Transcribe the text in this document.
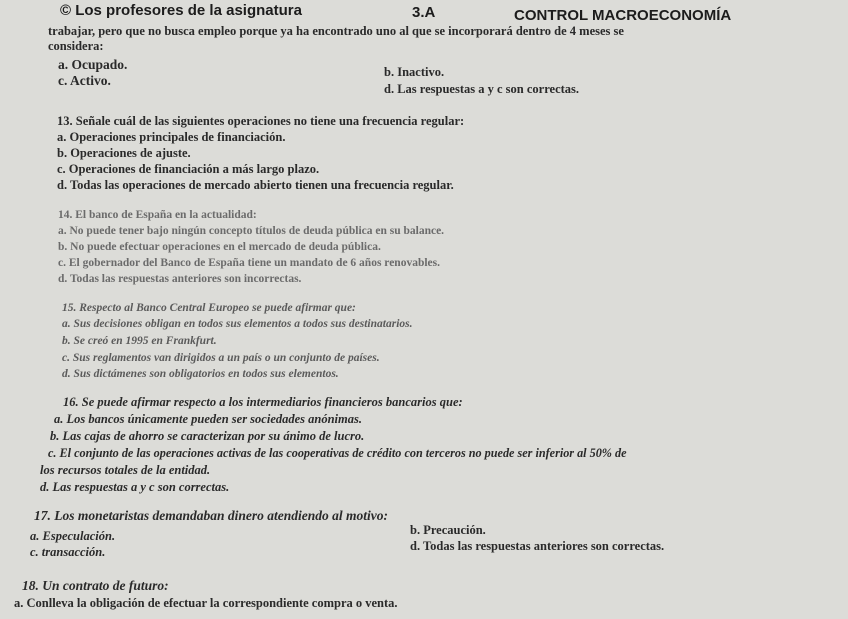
© Los profesores de la asignatura	3.A	CONTROL MACROECONOMÍA
trabajar, pero que no busca empleo porque ya ha encontrado uno al que se incorporará dentro de 4 meses se
considera:
a. Ocupado.	b. Inactivo.
c. Activo.
d. Las respuestas a y c son correctas.
13. Señale cuál de las siguientes operaciones no tiene una frecuencia regular:
a. Operaciones principales de financiación.
b. Operaciones de ajuste.
c. Operaciones de financiación a más largo plazo.
d. Todas las operaciones de mercado abierto tienen una frecuencia regular.
14. El banco de España en la actualidad:
a. No puede tener bajo ningún concepto títulos de deuda pública en su balance.
b. No puede efectuar operaciones en el mercado de deuda pública.
c. El gobernador del Banco de España tiene un mandato de 6 años renovables.
d. Todas las respuestas anteriores son incorrectas.
15. Respecto al Banco Central Europeo se puede afirmar que:
a. Sus decisiones obligan en todos sus elementos a todos sus destinatarios.
b. Se creó en 1995 en Frankfurt.
c. Sus reglamentos van dirigidos a un país o un conjunto de países.
d. Sus dictámenes son obligatorios en todos sus elementos.
16. Se puede afirmar respecto a los intermediarios financieros bancarios que:
a. Los bancos únicamente pueden ser sociedades anónimas.
b. Las cajas de ahorro se caracterizan por su ánimo de lucro.
c. El conjunto de las operaciones activas de las cooperativas de crédito con terceros no puede ser inferior al 50% de
los recursos totales de la entidad.
d. Las respuestas a y c son correctas.
17. Los monetaristas demandaban dinero atendiendo al motivo:
b. Precaución.
a. Especulación.
d. Todas las respuestas anteriores son correctas.
c. transacción.
18. Un contrato de futuro:
a. Conlleva la obligación de efectuar la correspondiente compra o venta.
